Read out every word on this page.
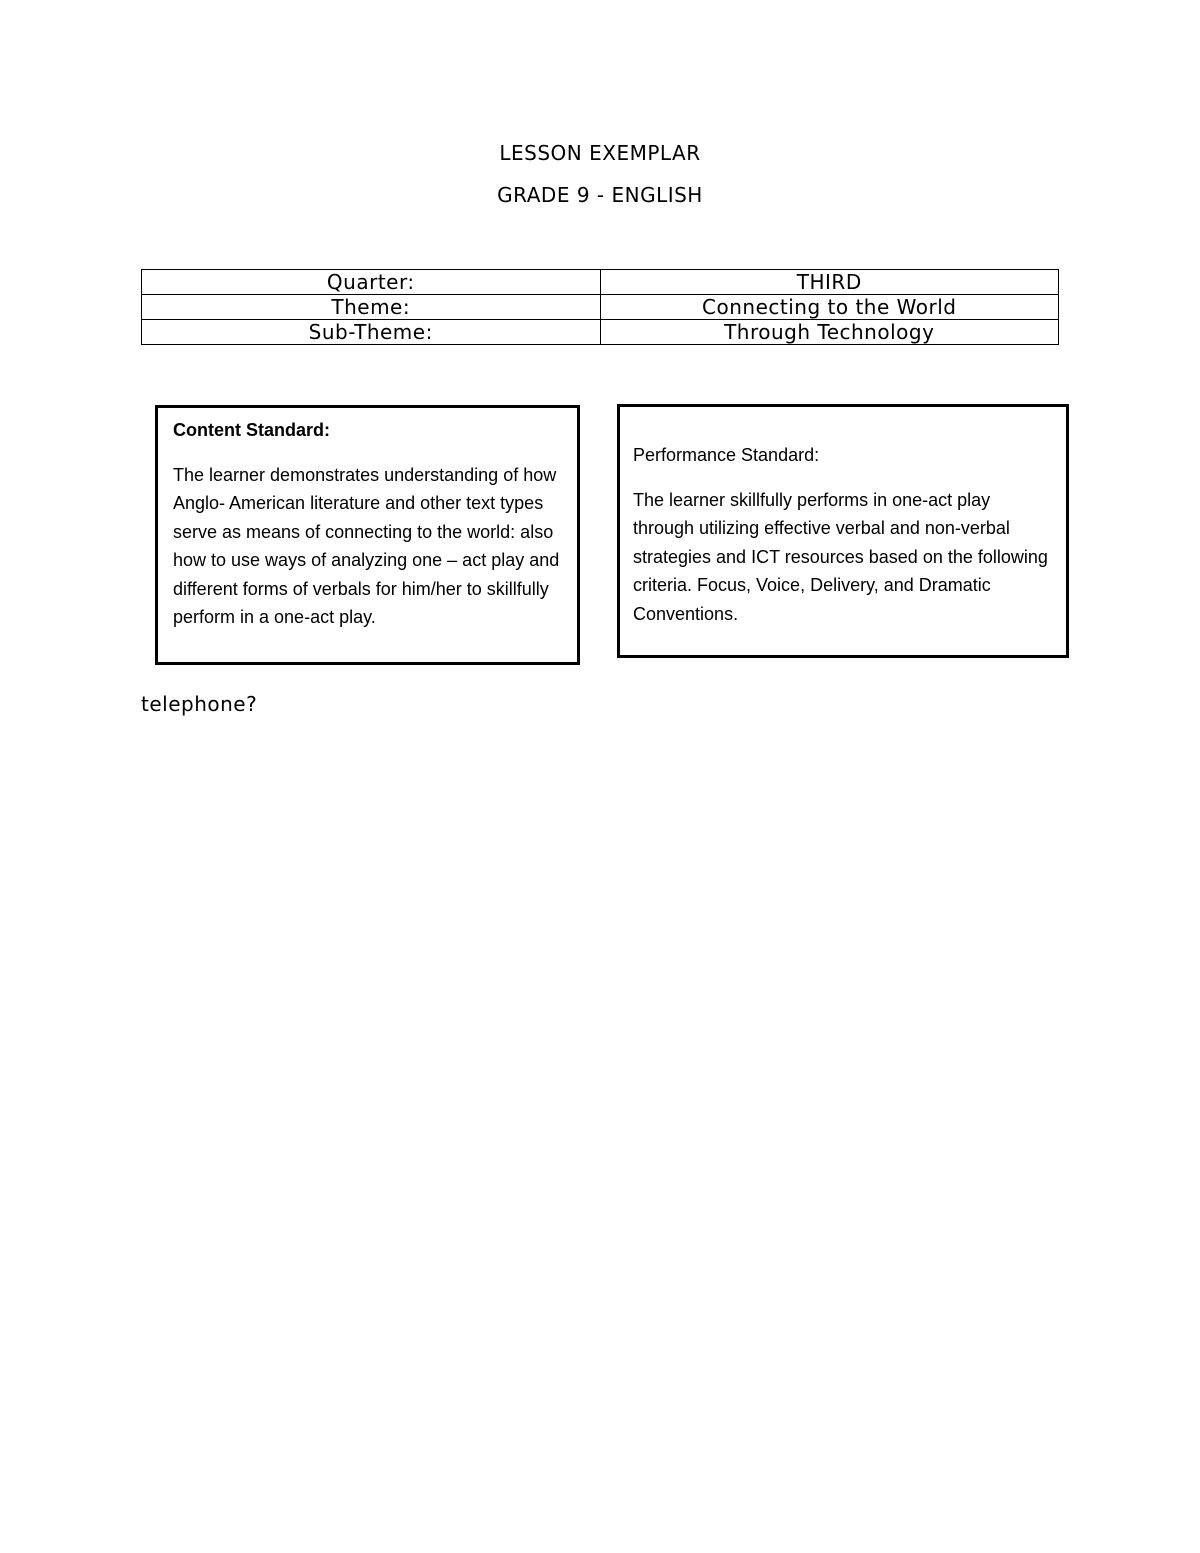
LESSON EXEMPLAR
GRADE 9 - ENGLISH
Quarter:	THIRD
Theme:	Connecting to the World
Sub-Theme:	Through Technology

Content Standard:

The learner demonstrates understanding of how Anglo- American literature and other text types serve as means of connecting to the world: also how to use ways of analyzing one – act play and different forms of verbals for him/her to skillfully perform in a one-act play.

Performance Standard:

The learner skillfully performs in one-act play through utilizing effective verbal and non-verbal strategies and ICT resources based on the following criteria. Focus, Voice, Delivery, and Dramatic Conventions.

telephone?
